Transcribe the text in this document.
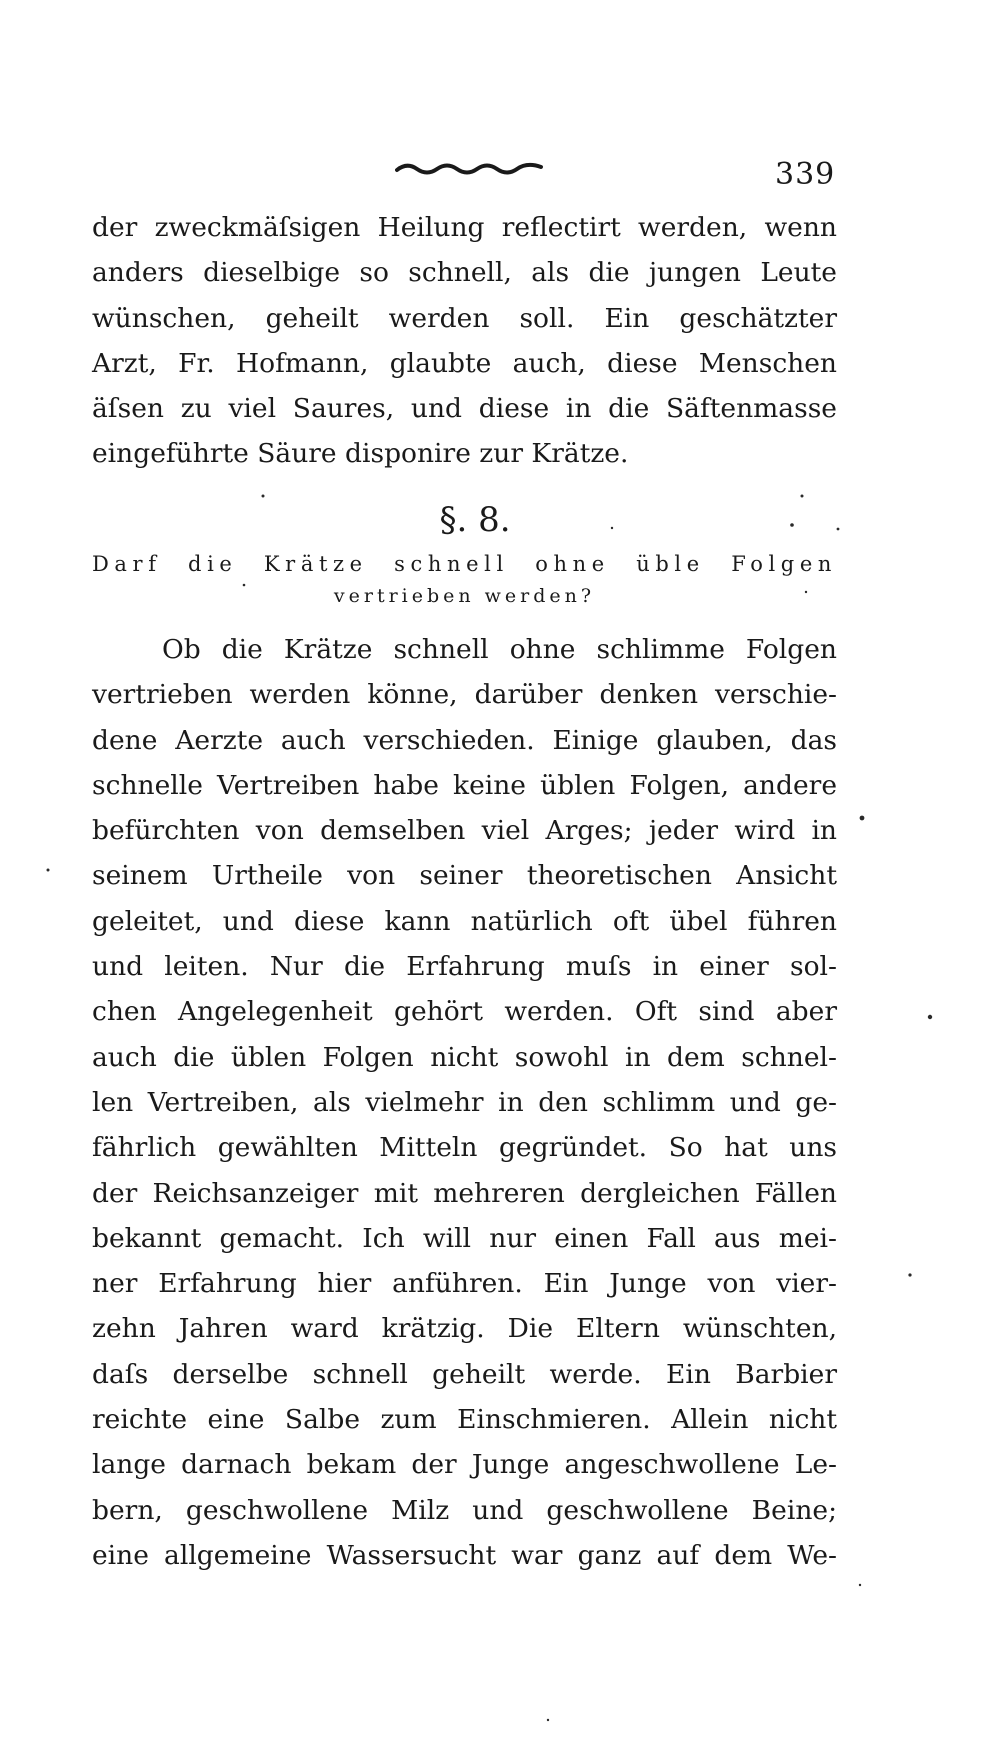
339
der zweckmäſsigen Heilung reflectirt werden, wenn
anders dieselbige so schnell, als die jungen Leute
wünschen, geheilt werden soll. Ein geschätzter
Arzt, Fr. Hofmann, glaubte auch, diese Menschen
äſsen zu viel Saures, und diese in die Säftenmasse
eingeführte Säure disponire zur Krätze.
§. 8.
Darf die Krätze schnell ohne üble Folgen
vertrieben werden?
Ob die Krätze schnell ohne schlimme Folgen
vertrieben werden könne, darüber denken verschie-
dene Aerzte auch verschieden. Einige glauben, das
schnelle Vertreiben habe keine üblen Folgen, andere
befürchten von demselben viel Arges; jeder wird in
seinem Urtheile von seiner theoretischen Ansicht
geleitet, und diese kann natürlich oft übel führen
und leiten. Nur die Erfahrung muſs in einer sol-
chen Angelegenheit gehört werden. Oft sind aber
auch die üblen Folgen nicht sowohl in dem schnel-
len Vertreiben, als vielmehr in den schlimm und ge-
fährlich gewählten Mitteln gegründet. So hat uns
der Reichsanzeiger mit mehreren dergleichen Fällen
bekannt gemacht. Ich will nur einen Fall aus mei-
ner Erfahrung hier anführen. Ein Junge von vier-
zehn Jahren ward krätzig. Die Eltern wünschten,
daſs derselbe schnell geheilt werde. Ein Barbier
reichte eine Salbe zum Einschmieren. Allein nicht
lange darnach bekam der Junge angeschwollene Le-
bern, geschwollene Milz und geschwollene Beine;
eine allgemeine Wassersucht war ganz auf dem We-
